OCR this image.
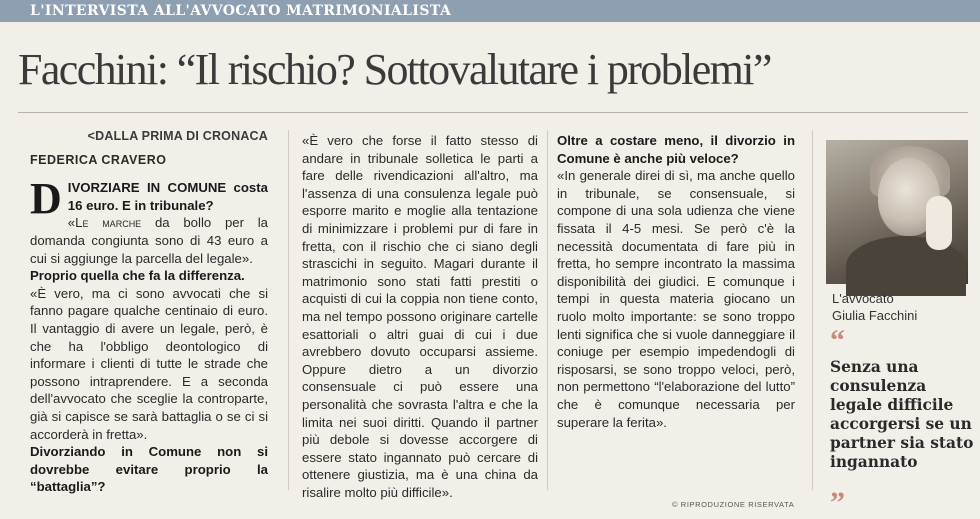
L'INTERVISTA ALL'AVVOCATO MATRIMONIALISTA
Facchini: “Il rischio? Sottovalutare i problemi”
<DALLA PRIMA DI CRONACA
FEDERICA CRAVERO

DIVORZIARE IN COMUNE costa 16 euro. E in tribunale?

«Le marche da bollo per la domanda congiunta sono di 43 euro a cui si aggiunge la parcella del legale».

Proprio quella che fa la differenza.

«È vero, ma ci sono avvocati che si fanno pagare qualche centinaio di euro. Il vantaggio di avere un legale, però, è che ha l'obbligo deontologico di informare i clienti di tutte le strade che possono intraprendere. E a seconda dell'avvocato che sceglie la controparte, già si capisce se sarà battaglia o se ci si accorderà in fretta».

Divorziando in Comune non si dovrebbe evitare proprio la “battaglia”?

«È vero che forse il fatto stesso di andare in tribunale solletica le parti a fare delle rivendicazioni all'altro, ma l'assenza di una consulenza legale può esporre marito e moglie alla tentazione di minimizzare i problemi pur di fare in fretta, con il rischio che ci siano degli strascichi in seguito. Magari durante il matrimonio sono stati fatti prestiti o acquisti di cui la coppia non tiene conto, ma nel tempo possono originare cartelle esattoriali o altri guai di cui i due avrebbero dovuto occuparsi assieme. Oppure dietro a un divorzio consensuale ci può essere una personalità che sovrasta l'altra e che la limita nei suoi diritti. Quando il partner più debole si dovesse accorgere di essere stato ingannato può cercare di ottenere giustizia, ma è una china da risalire molto più difficile».

Oltre a costare meno, il divorzio in Comune è anche più veloce?

«In generale direi di sì, ma anche quello in tribunale, se consensuale, si compone di una sola udienza che viene fissata il 4-5 mesi. Se però c'è la necessità documentata di fare più in fretta, ho sempre incontrato la massima disponibilità dei giudici. E comunque i tempi in questa materia giocano un ruolo molto importante: se sono troppo lenti significa che si vuole danneggiare il coniuge per esempio impedendogli di risposarsi, se sono troppo veloci, però, non permettono “l'elaborazione del lutto” che è comunque necessaria per superare la ferita».

L'avvocato
Giulia Facchini
“
Senza una consulenza legale difficile accorgersi se un partner sia stato ingannato
”
© RIPRODUZIONE RISERVATA
